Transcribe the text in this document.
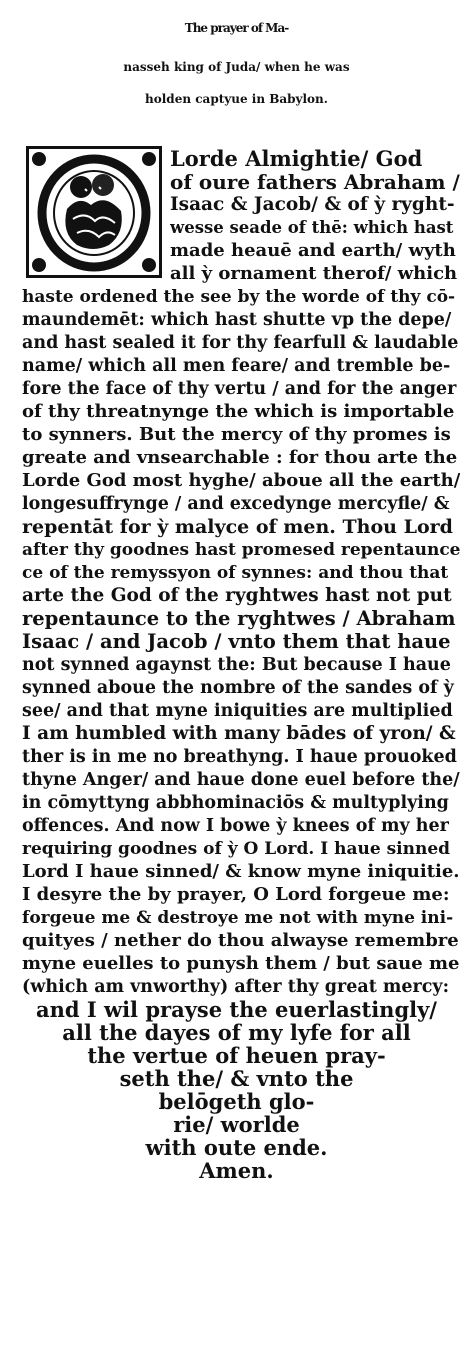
The prayer of Ma-
nasseh king of Juda/ when he was
holden captyue in Babylon.
Lorde Almightie/ God
of oure fathers Abraham /
Isaac & Jacob/ & of ỳ ryght-
wesse seade of thē: which hast
made heauē and earth/ wyth
all ỳ ornament therof/ which
haste ordened the see by the worde of thy cō-
maundemēt: which hast shutte vp the depe/
and hast sealed it for thy fearfull & laudable
name/ which all men feare/ and tremble be-
fore the face of thy vertu / and for the anger
of thy threatnynge the which is importable
to synners. But the mercy of thy promes is
greate and vnsearchable : for thou arte the
Lorde God most hyghe/ aboue all the earth/
longesuffrynge / and excedynge mercyfle/ &
repentāt for ỳ malyce of men. Thou Lord
after thy goodnes hast promesed repentaunce
ce of the remyssyon of synnes: and thou that
arte the God of the ryghtwes hast not put
repentaunce to the ryghtwes / Abraham
Isaac / and Jacob / vnto them that haue
not synned agaynst the: But because I haue
synned aboue the nombre of the sandes of ỳ
see/ and that myne iniquities are multiplied
I am humbled with many bādes of yron/ &
ther is in me no breathyng. I haue prouoked
thyne Anger/ and haue done euel before the/
in cōmyttyng abbhominaciōs & multyplying
offences. And now I bowe ỳ knees of my her
requiring goodnes of ỳ O Lord. I haue sinned
Lord I haue sinned/ & know myne iniquitie.
I desyre the by prayer, O Lord forgeue me:
forgeue me & destroye me not with myne ini-
quityes / nether do thou alwayse remembre
myne euelles to punysh them / but saue me
(which am vnworthy) after thy great mercy:
and I wil prayse the euerlastingly/
all the dayes of my lyfe for all
the vertue of heuen pray-
seth the/ & vnto the
belōgeth glo-
rie/ worlde
with oute ende.
Amen.
